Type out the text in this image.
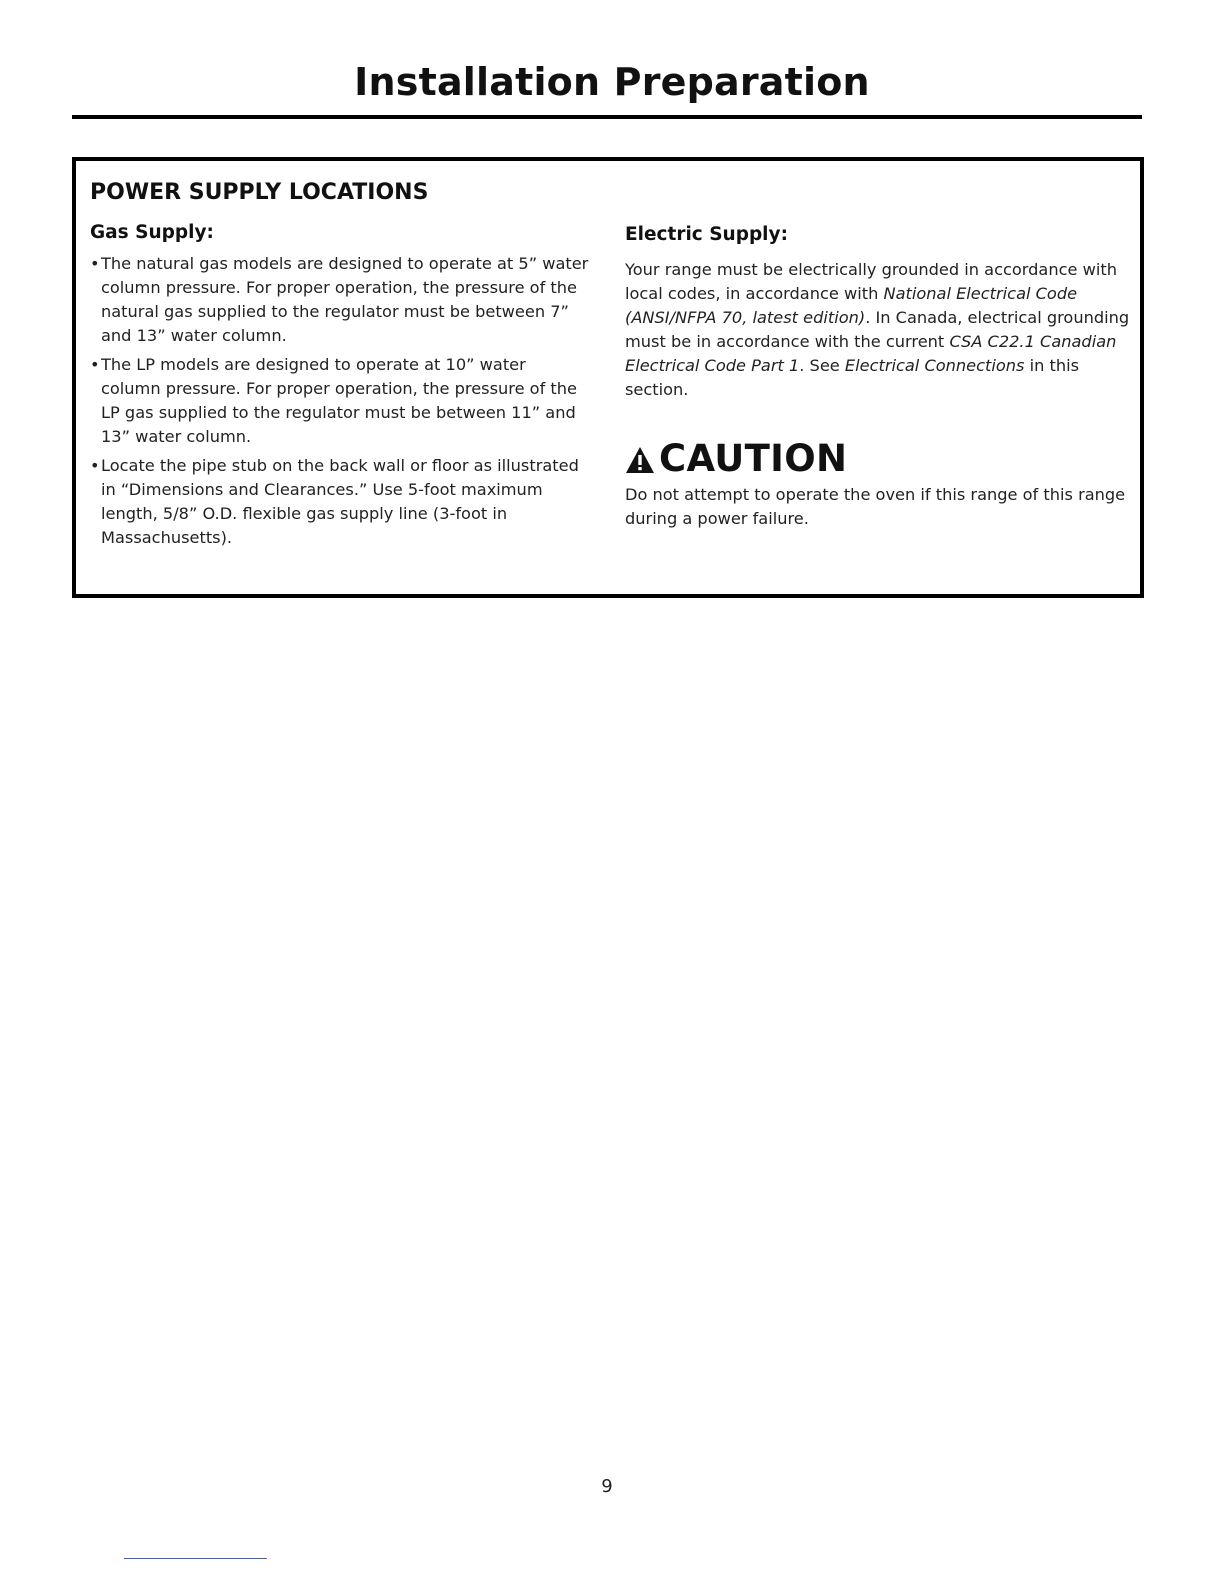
Installation Preparation
POWER SUPPLY LOCATIONS
Gas Supply:
• The natural gas models are designed to operate at 5” water column pressure. For proper operation, the pressure of the natural gas supplied to the regulator must be between 7” and 13” water column.
• The LP models are designed to operate at 10” water column pressure. For proper operation, the pressure of the LP gas supplied to the regulator must be between 11” and 13” water column.
• Locate the pipe stub on the back wall or floor as illustrated in “Dimensions and Clearances.” Use 5-foot maximum length, 5/8” O.D. flexible gas supply line (3-foot in Massachusetts).
Electric Supply:
Your range must be electrically grounded in accordance with local codes, in accordance with National Electrical Code (ANSI/NFPA 70, latest edition). In Canada, electrical grounding must be in accordance with the current CSA C22.1 Canadian Electrical Code Part 1. See Electrical Connections in this section.
CAUTION
Do not attempt to operate the oven if this range of this range during a power failure.
9
